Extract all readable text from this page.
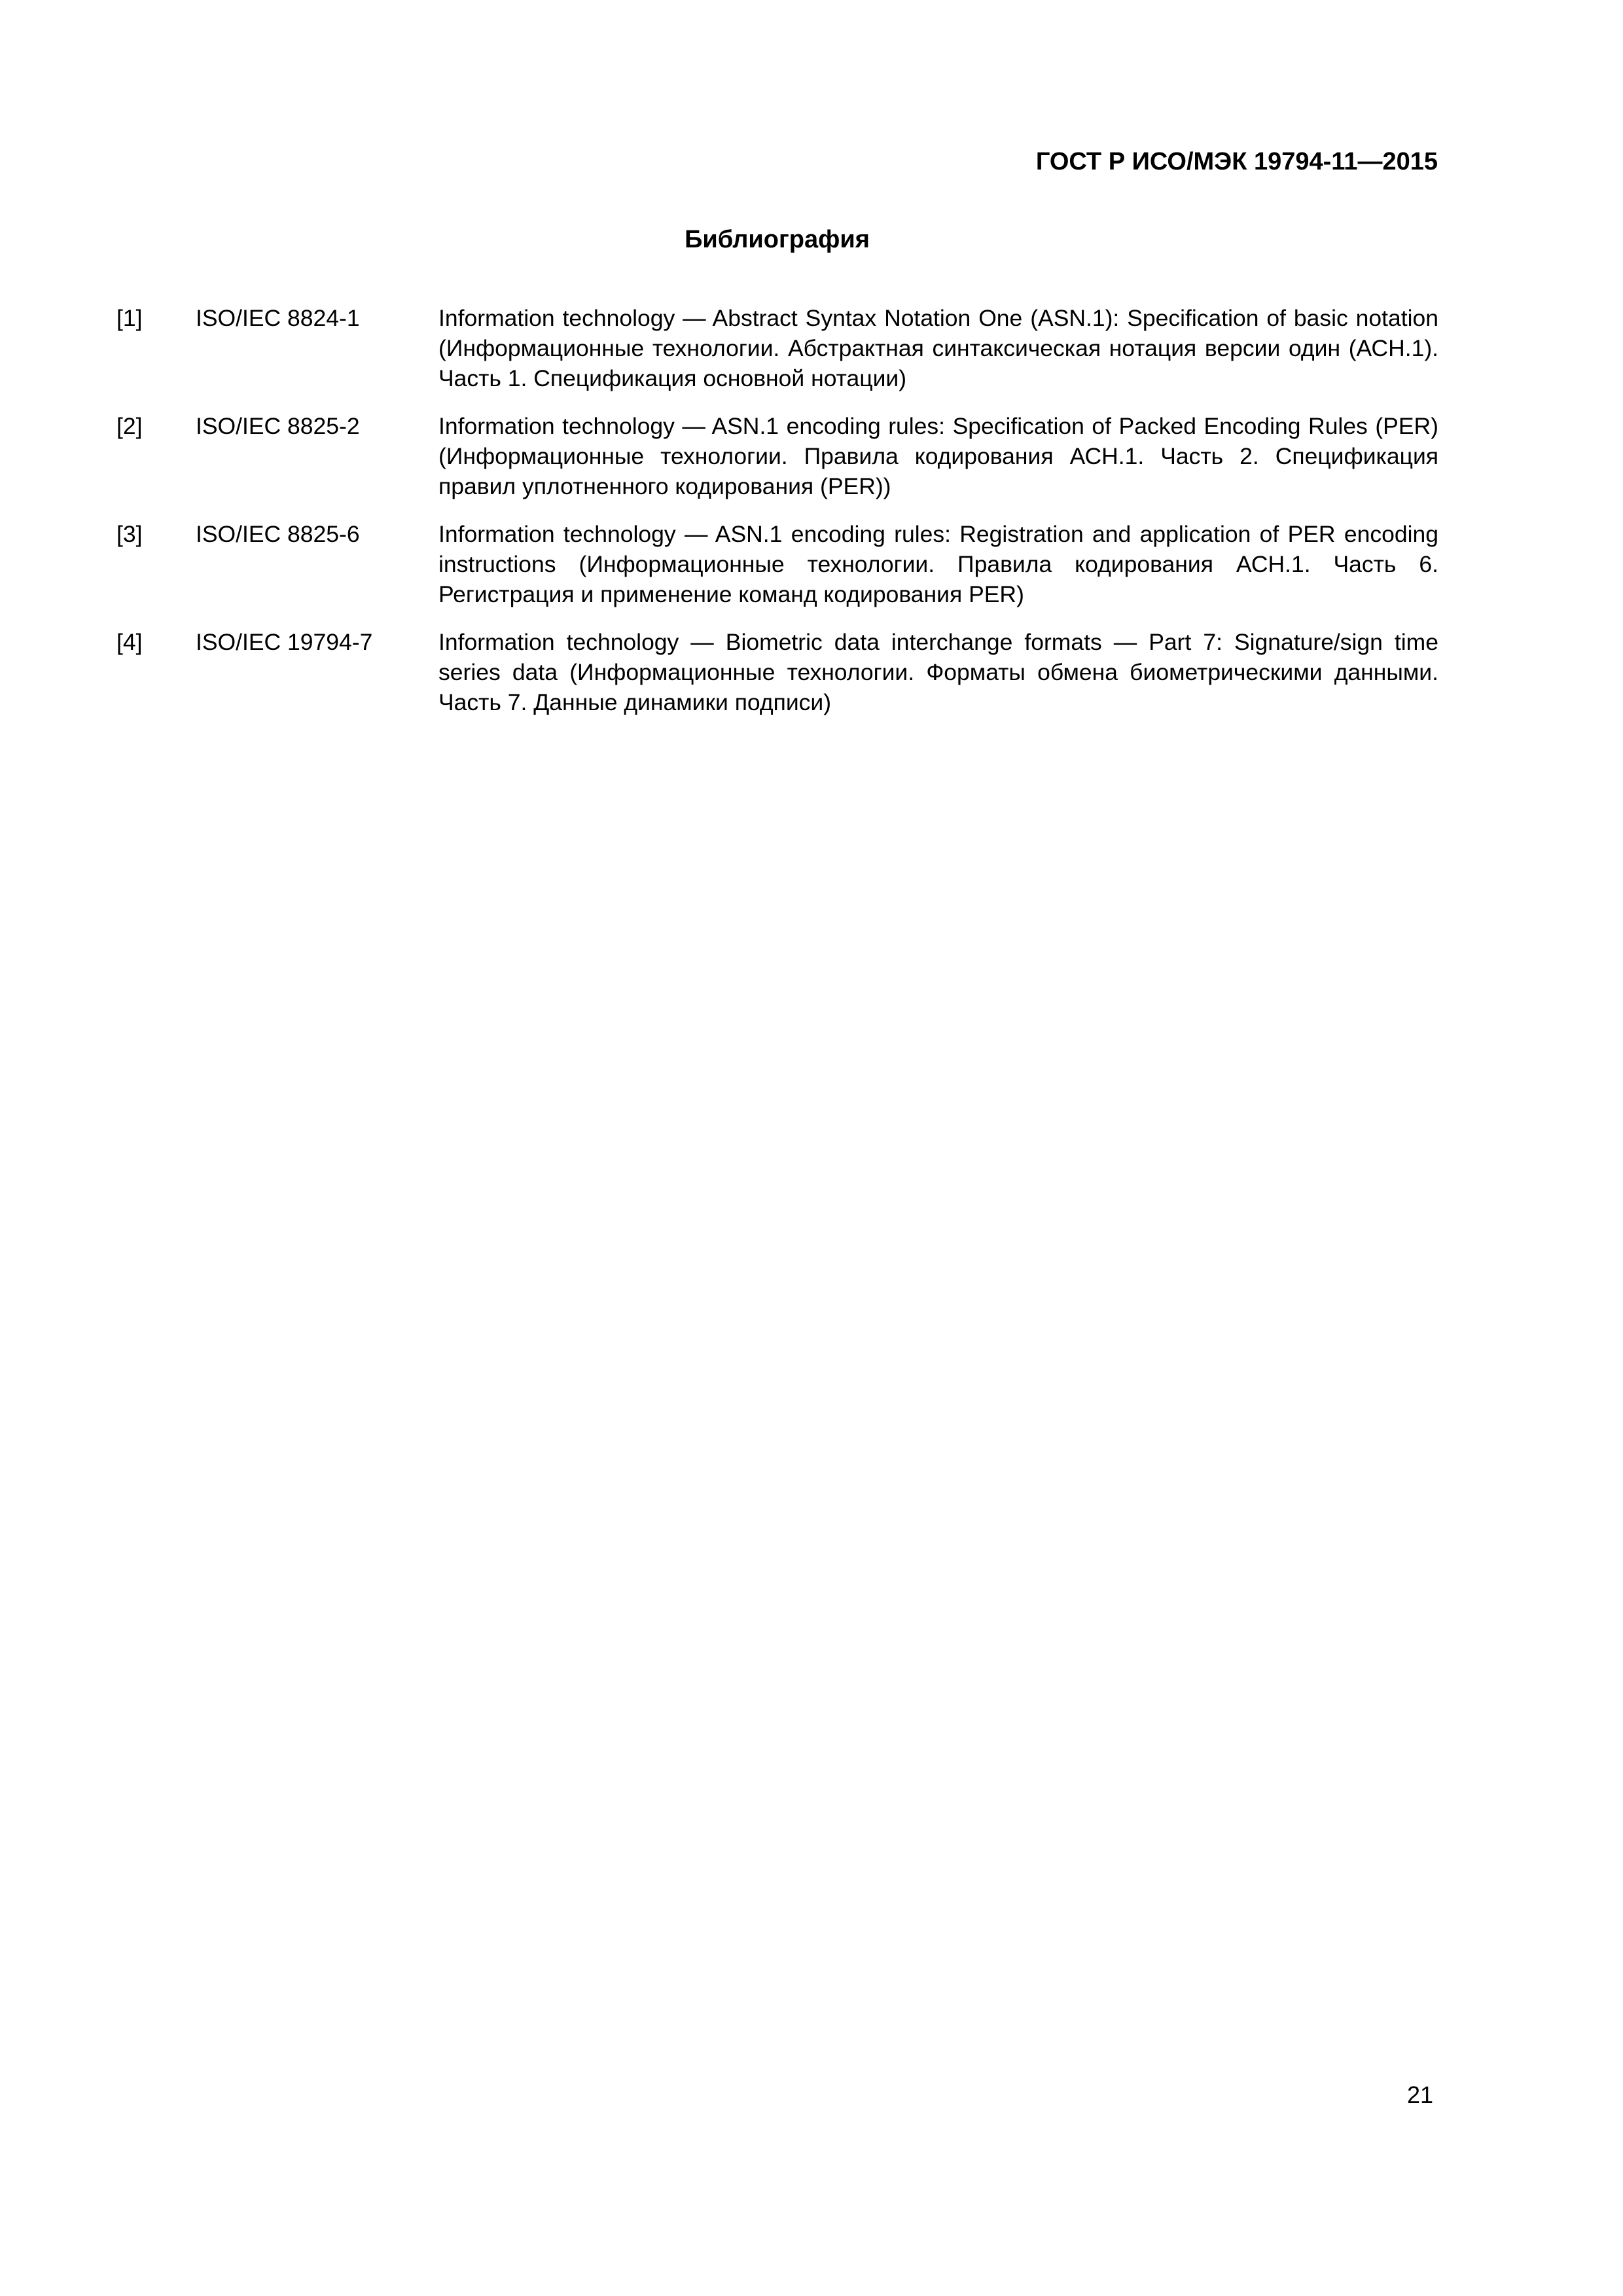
ГОСТ Р ИСО/МЭК 19794-11—2015
Библиография
[1]	ISO/IEC 8824-1	Information technology — Abstract Syntax Notation One (ASN.1): Specification of basic notation (Информационные технологии. Абстрактная синтаксическая нотация версии один (АСН.1). Часть 1. Спецификация основной нотации)
[2]	ISO/IEC 8825-2	Information technology — ASN.1 encoding rules: Specification of Packed Encoding Rules (PER) (Информационные технологии. Правила кодирования АСН.1. Часть 2. Спецификация правил уплотненного кодирования (PER))
[3]	ISO/IEC 8825-6	Information technology — ASN.1 encoding rules: Registration and application of PER encoding instructions (Информационные технологии. Правила кодирования АСН.1. Часть 6. Регистрация и применение команд кодирования PER)
[4]	ISO/IEC 19794-7	Information technology — Biometric data interchange formats — Part 7: Signature/sign time series data (Информационные технологии. Форматы обмена биометрическими данными. Часть 7. Данные динамики подписи)
21
